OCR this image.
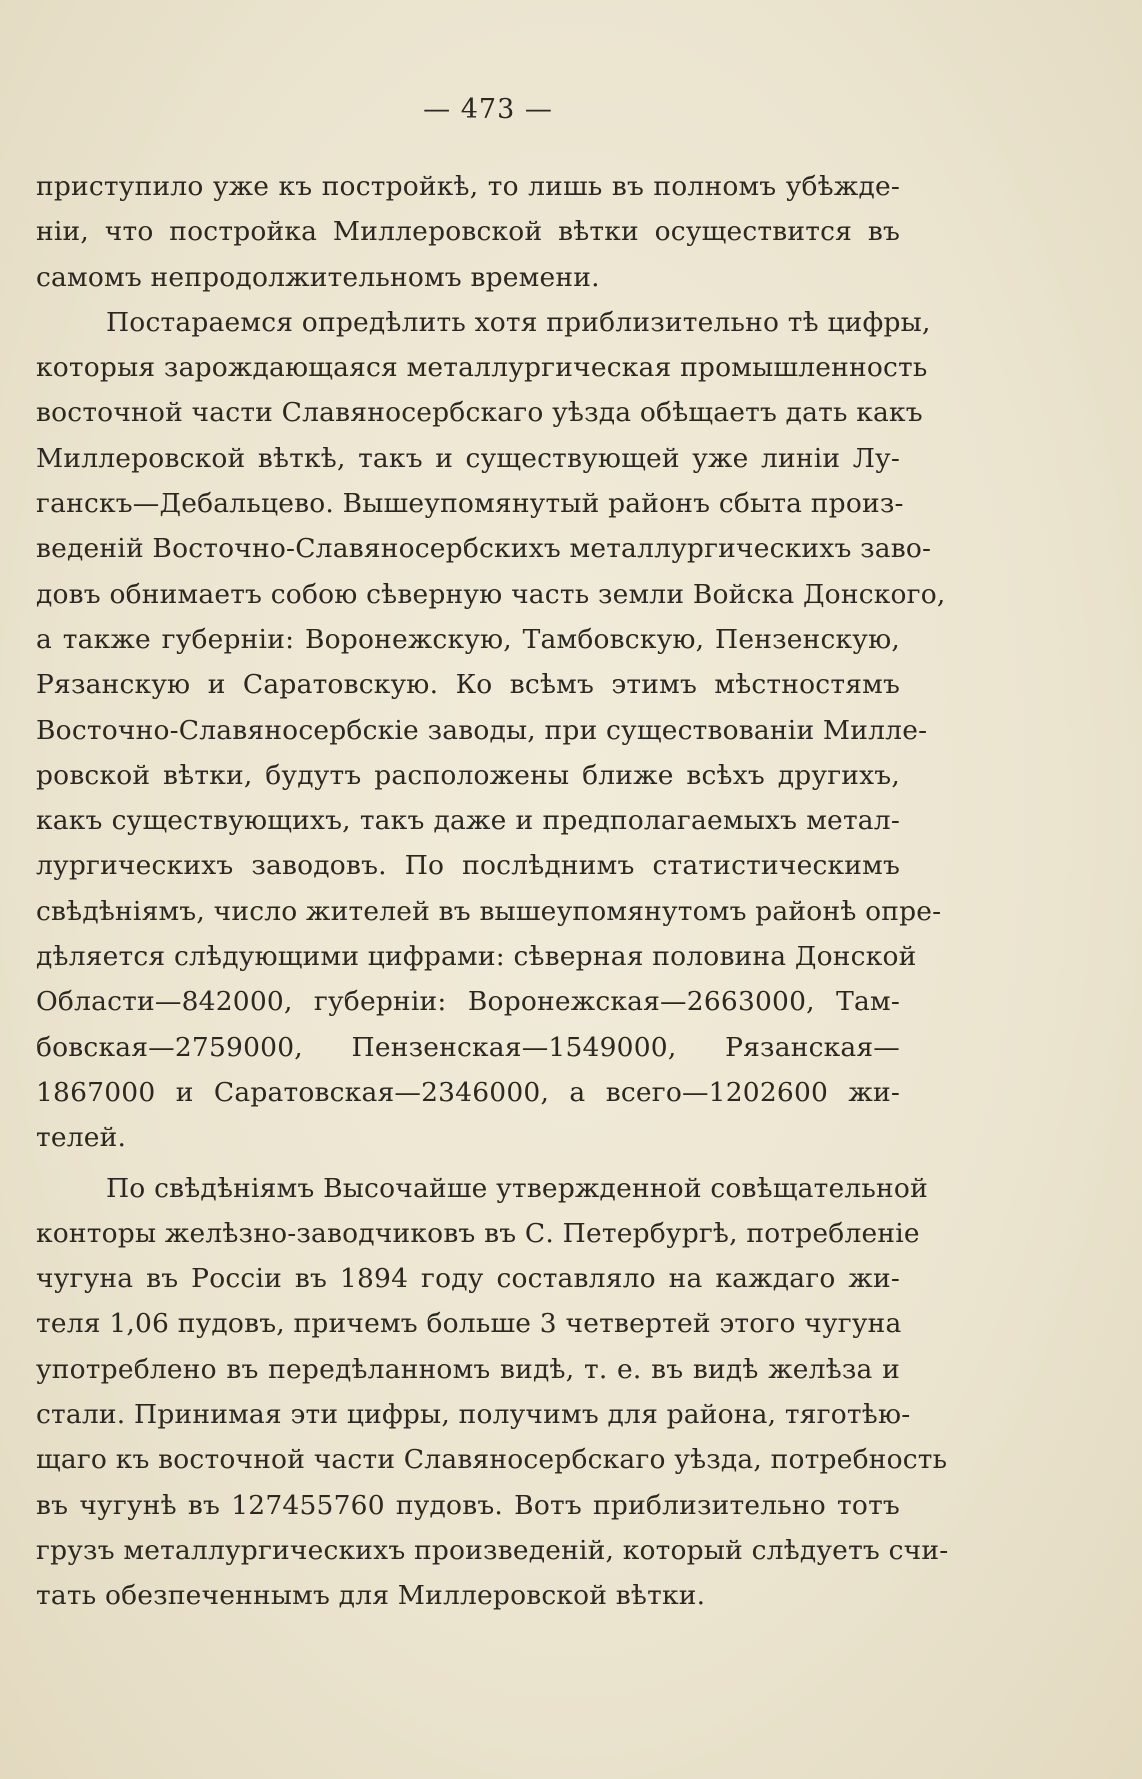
— 473 —
приступило уже къ постройкѣ, то лишь въ полномъ убѣжде-
нiи, что постройка Миллеровской вѣтки осуществится въ
самомъ непродолжительномъ времени.
Постараемся опредѣлить хотя приблизительно тѣ цифры,
которыя зарождающаяся металлургическая промышленность
восточной части Славяносербскаго уѣзда обѣщаетъ дать какъ
Миллеровской вѣткѣ, такъ и существующей уже линiи Лу-
ганскъ—Дебальцево. Вышеупомянутый районъ сбыта произ-
веденiй Восточно-Славяносербскихъ металлургическихъ заво-
довъ обнимаетъ собою сѣверную часть земли Войска Донского,
а также губернiи: Воронежскую, Тамбовскую, Пензенскую,
Рязанскую и Саратовскую. Ко всѣмъ этимъ мѣстностямъ
Восточно-Славяносербскiе заводы, при существованiи Милле-
ровской вѣтки, будутъ расположены ближе всѣхъ другихъ,
какъ существующихъ, такъ даже и предполагаемыхъ метал-
лургическихъ заводовъ. По послѣднимъ статистическимъ
свѣдѣнiямъ, число жителей въ вышеупомянутомъ районѣ опре-
дѣляется слѣдующими цифрами: сѣверная половина Донской
Области—842000, губернiи: Воронежская—2663000, Там-
бовская—2759000, Пензенская—1549000, Рязанская—
1867000 и Саратовская—2346000, а всего—1202600 жи-
телей.
По свѣдѣнiямъ Высочайше утвержденной совѣщательной
конторы желѣзно-заводчиковъ въ С. Петербургѣ, потребленiе
чугуна въ Россiи въ 1894 году составляло на каждаго жи-
теля 1,06 пудовъ, причемъ больше 3 четвертей этого чугуна
употреблено въ передѣланномъ видѣ, т. е. въ видѣ желѣза и
стали. Принимая эти цифры, получимъ для района, тяготѣю-
щаго къ восточной части Славяносербскаго уѣзда, потребность
въ чугунѣ въ 127455760 пудовъ. Вотъ приблизительно тотъ
грузъ металлургическихъ произведенiй, который слѣдуетъ счи-
тать обезпеченнымъ для Миллеровской вѣтки.
